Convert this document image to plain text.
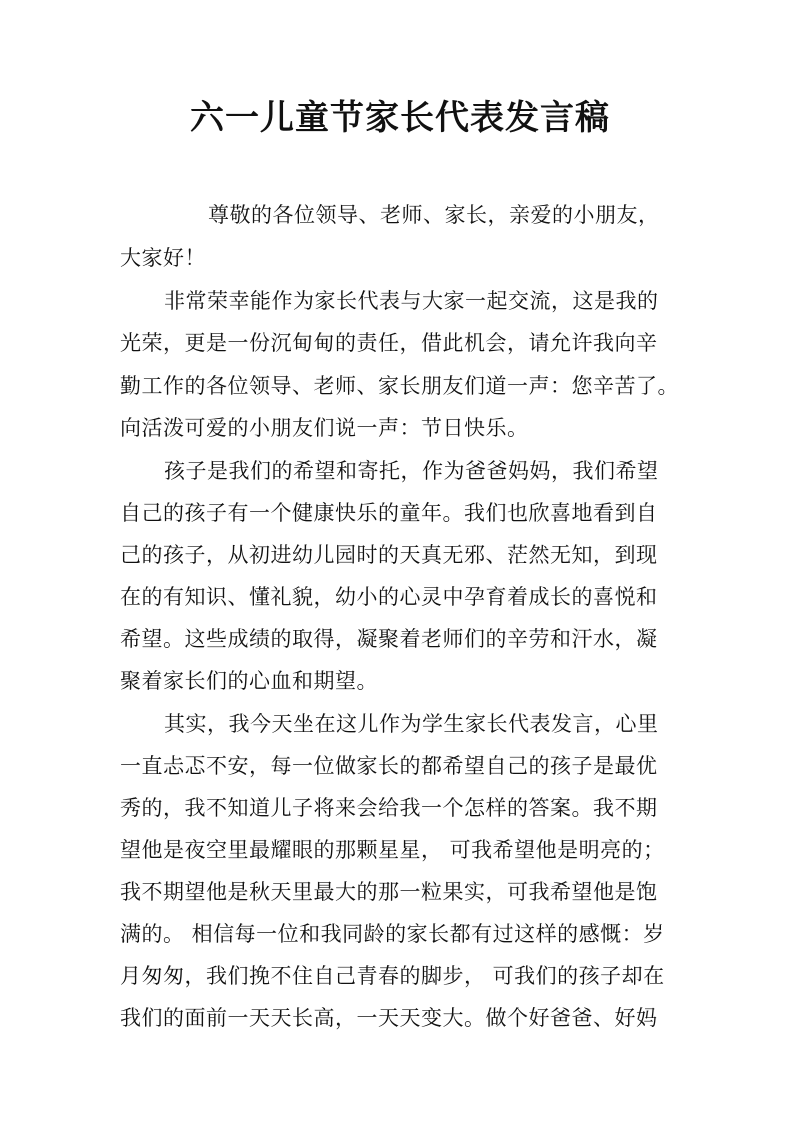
六一儿童节家长代表发言稿
尊敬的各位领导、老师、家长，亲爱的小朋友，
大家好！
非常荣幸能作为家长代表与大家一起交流，这是我的
光荣，更是一份沉甸甸的责任，借此机会，请允许我向辛
勤工作的各位领导、老师、家长朋友们道一声：您辛苦了。
向活泼可爱的小朋友们说一声：节日快乐。
孩子是我们的希望和寄托，作为爸爸妈妈，我们希望
自己的孩子有一个健康快乐的童年。我们也欣喜地看到自
己的孩子，从初进幼儿园时的天真无邪、茫然无知，到现
在的有知识、懂礼貌，幼小的心灵中孕育着成长的喜悦和
希望。这些成绩的取得，凝聚着老师们的辛劳和汗水，凝
聚着家长们的心血和期望。
其实，我今天坐在这儿作为学生家长代表发言，心里
一直忐忑不安，每一位做家长的都希望自己的孩子是最优
秀的，我不知道儿子将来会给我一个怎样的答案。我不期
望他是夜空里最耀眼的那颗星星， 可我希望他是明亮的；
我不期望他是秋天里最大的那一粒果实，可我希望他是饱
满的。 相信每一位和我同龄的家长都有过这样的感慨：岁
月匆匆，我们挽不住自己青春的脚步， 可我们的孩子却在
我们的面前一天天长高，一天天变大。做个好爸爸、好妈
